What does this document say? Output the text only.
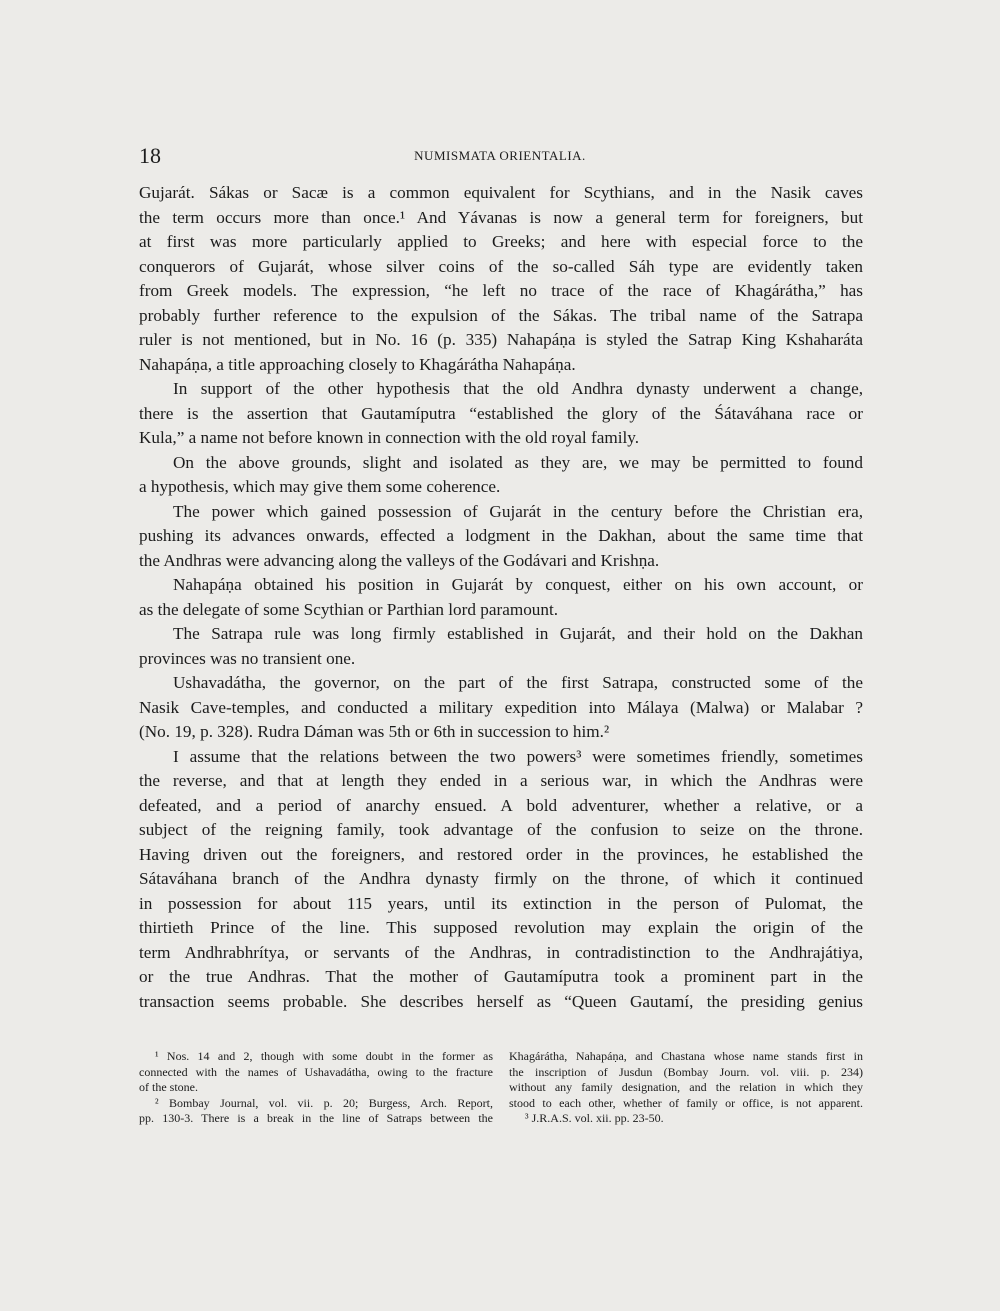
18	NUMISMATA ORIENTALIA.
Gujarát. Sákas or Sacæ is a common equivalent for Scythians, and in the Nasik caves
the term occurs more than once.¹ And Yávanas is now a general term for foreigners, but
at first was more particularly applied to Greeks; and here with especial force to the
conquerors of Gujarát, whose silver coins of the so-called Sáh type are evidently taken
from Greek models. The expression, “he left no trace of the race of Khagárátha,” has
probably further reference to the expulsion of the Sákas. The tribal name of the Satrapa
ruler is not mentioned, but in No. 16 (p. 335) Nahapáṇa is styled the Satrap King Kshaharáta
Nahapáṇa, a title approaching closely to Khagárátha Nahapáṇa.
In support of the other hypothesis that the old Andhra dynasty underwent a change,
there is the assertion that Gautamíputra “established the glory of the Śátaváhana race or
Kula,” a name not before known in connection with the old royal family.
On the above grounds, slight and isolated as they are, we may be permitted to found
a hypothesis, which may give them some coherence.
The power which gained possession of Gujarát in the century before the Christian era,
pushing its advances onwards, effected a lodgment in the Dakhan, about the same time that
the Andhras were advancing along the valleys of the Godávari and Krishṇa.
Nahapáṇa obtained his position in Gujarát by conquest, either on his own account, or
as the delegate of some Scythian or Parthian lord paramount.
The Satrapa rule was long firmly established in Gujarát, and their hold on the Dakhan
provinces was no transient one.
Ushavadátha, the governor, on the part of the first Satrapa, constructed some of the
Nasik Cave-temples, and conducted a military expedition into Málaya (Malwa) or Malabar ?
(No. 19, p. 328). Rudra Dáman was 5th or 6th in succession to him.²
I assume that the relations between the two powers³ were sometimes friendly, sometimes
the reverse, and that at length they ended in a serious war, in which the Andhras were
defeated, and a period of anarchy ensued. A bold adventurer, whether a relative, or a
subject of the reigning family, took advantage of the confusion to seize on the throne.
Having driven out the foreigners, and restored order in the provinces, he established the
Sátaváhana branch of the Andhra dynasty firmly on the throne, of which it continued
in possession for about 115 years, until its extinction in the person of Pulomat, the
thirtieth Prince of the line. This supposed revolution may explain the origin of the
term Andhrabhrítya, or servants of the Andhras, in contradistinction to the Andhrajátiya,
or the true Andhras. That the mother of Gautamíputra took a prominent part in the
transaction seems probable. She describes herself as “Queen Gautamí, the presiding genius
¹ Nos. 14 and 2, though with some doubt in the former as
connected with the names of Ushavadátha, owing to the fracture
of the stone.
² Bombay Journal, vol. vii. p. 20; Burgess, Arch. Report,
pp. 130-3. There is a break in the line of Satraps between the
Khagárátha, Nahapáṇa, and Chastana whose name stands first in
the inscription of Jusdun (Bombay Journ. vol. viii. p. 234)
without any family designation, and the relation in which they
stood to each other, whether of family or office, is not apparent.
³ J.R.A.S. vol. xii. pp. 23-50.
